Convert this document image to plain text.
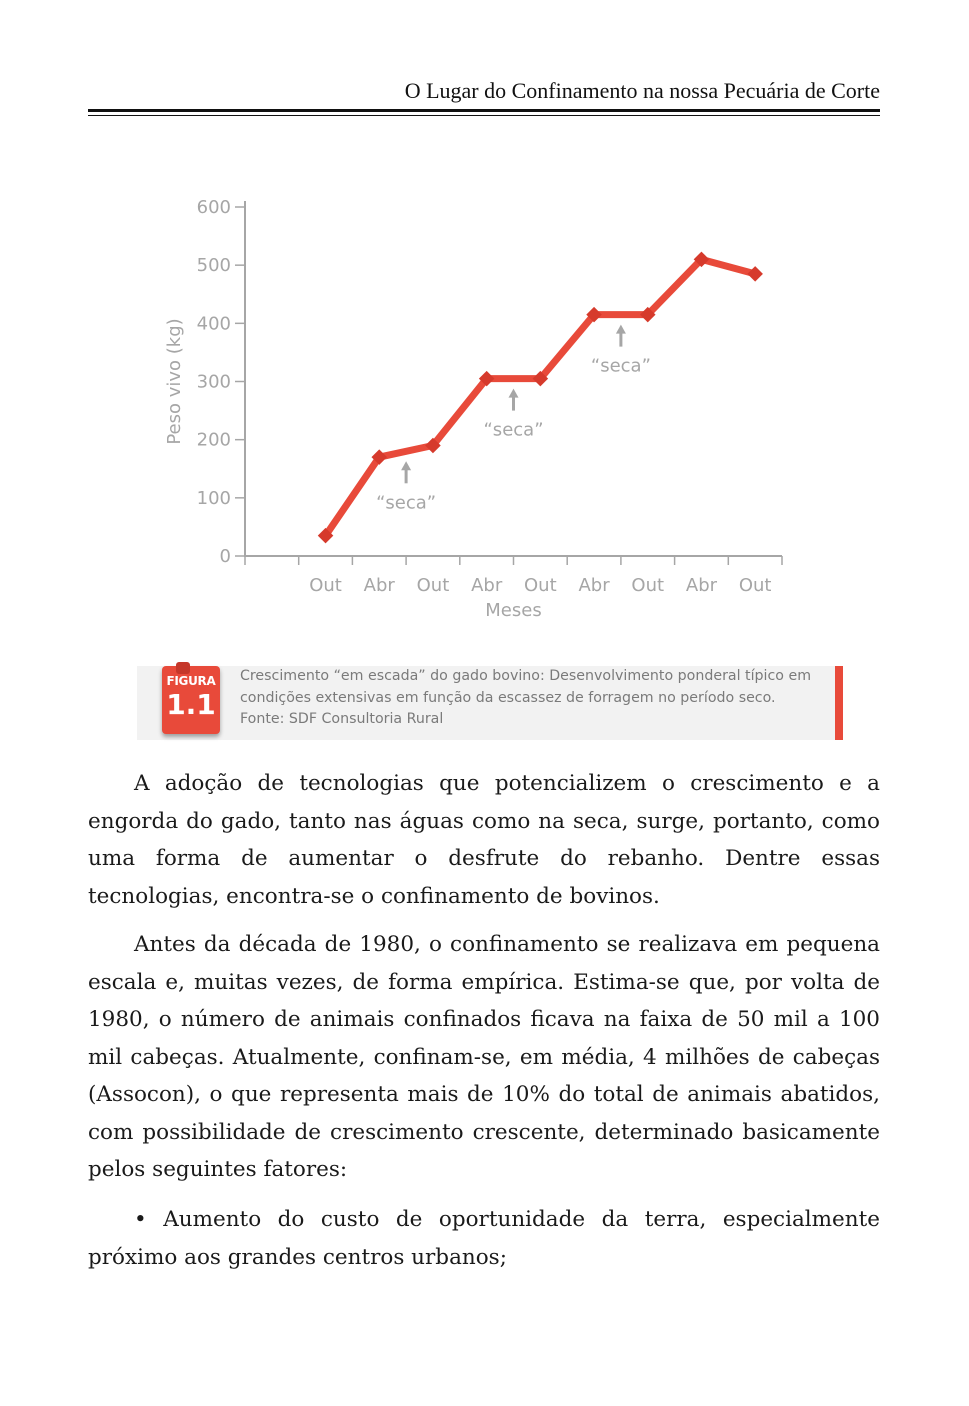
O Lugar do Confinamento na nossa Pecuária de Corte
0
100
200
300
400
500
600
Out Abr Out Abr Out Abr Out Abr Out
Peso vivo (kg)
Meses
“seca”
“seca”
“seca”
FIGURA
1.1
Crescimento “em escada” do gado bovino: Desenvolvimento ponderal típico em
condições extensivas em função da escassez de forragem no período seco.
Fonte: SDF Consultoria Rural

A adoção de tecnologias que potencializem o crescimento e a engorda do gado, tanto nas águas como na seca, surge, portanto, como uma forma de aumentar o desfrute do rebanho. Dentre essas tecnologias, encontra-se o confinamento de bovinos.

Antes da década de 1980, o confinamento se realizava em pequena escala e, muitas vezes, de forma empírica. Estima-se que, por volta de 1980, o número de animais confinados ficava na faixa de 50 mil a 100 mil cabeças. Atualmente, confinam-se, em média, 4 milhões de cabeças (Assocon), o que representa mais de 10% do total de animais abatidos, com possibilidade de crescimento crescente, determinado basicamente pelos seguintes fatores:

• Aumento do custo de oportunidade da terra, especialmente próximo aos grandes centros urbanos;
